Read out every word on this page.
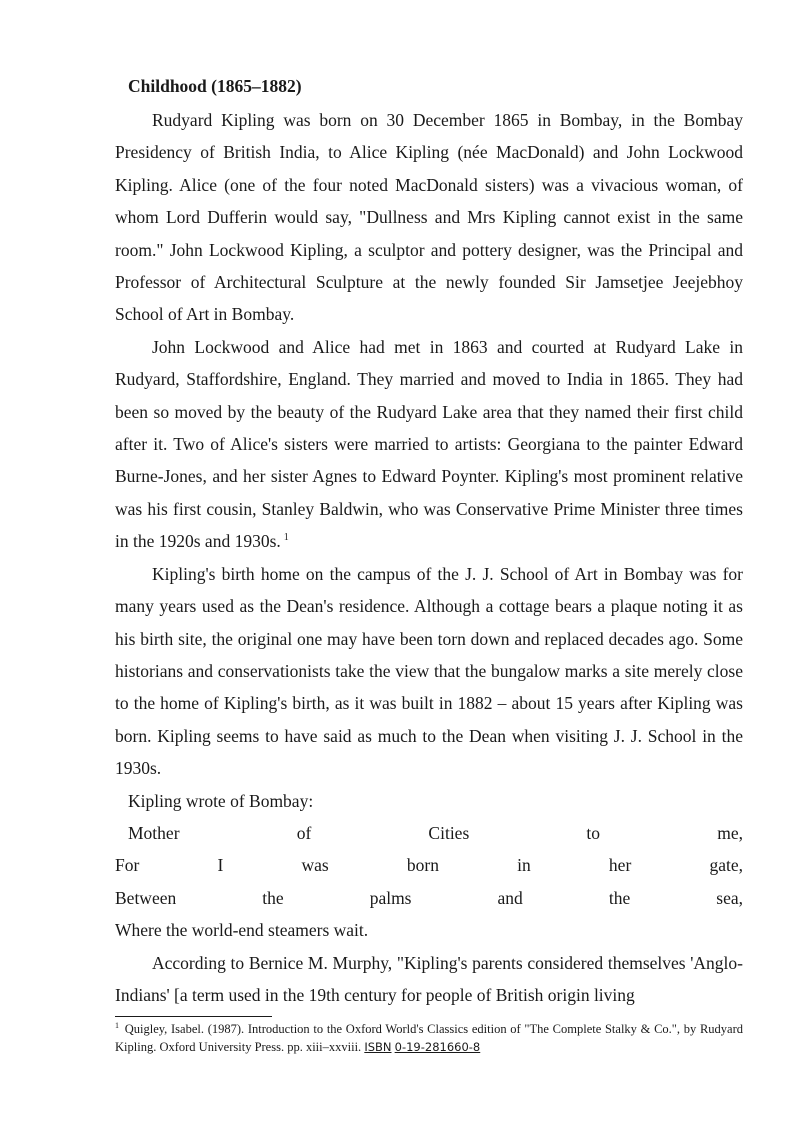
Childhood (1865–1882)

Rudyard Kipling was born on 30 December 1865 in Bombay, in the Bombay Presidency of British India, to Alice Kipling (née MacDonald) and John Lockwood Kipling. Alice (one of the four noted MacDonald sisters) was a vivacious woman, of whom Lord Dufferin would say, "Dullness and Mrs Kipling cannot exist in the same room." John Lockwood Kipling, a sculptor and pottery designer, was the Principal and Professor of Architectural Sculpture at the newly founded Sir Jamsetjee Jeejebhoy School of Art in Bombay.

John Lockwood and Alice had met in 1863 and courted at Rudyard Lake in Rudyard, Staffordshire, England. They married and moved to India in 1865. They had been so moved by the beauty of the Rudyard Lake area that they named their first child after it. Two of Alice's sisters were married to artists: Georgiana to the painter Edward Burne-Jones, and her sister Agnes to Edward Poynter. Kipling's most prominent relative was his first cousin, Stanley Baldwin, who was Conservative Prime Minister three times in the 1920s and 1930s. $^1$

Kipling's birth home on the campus of the J. J. School of Art in Bombay was for many years used as the Dean's residence. Although a cottage bears a plaque noting it as his birth site, the original one may have been torn down and replaced decades ago. Some historians and conservationists take the view that the bungalow marks a site merely close to the home of Kipling's birth, as it was built in 1882 – about 15 years after Kipling was born. Kipling seems to have said as much to the Dean when visiting J. J. School in the 1930s.

Kipling wrote of Bombay:

Mother	of	Cities	to	me,
For	I	was	born	in	her	gate,
Between	the	palms	and	the	sea,
Where the world-end steamers wait.

According to Bernice M. Murphy, "Kipling's parents considered themselves 'Anglo-Indians' [a term used in the 19th century for people of British origin living

$^1$ Quigley, Isabel. (1987). Introduction to the Oxford World's Classics edition of "The Complete Stalky & Co.", by Rudyard Kipling. Oxford University Press. pp. xiii–xxviii. ISBN 0-19-281660-8
